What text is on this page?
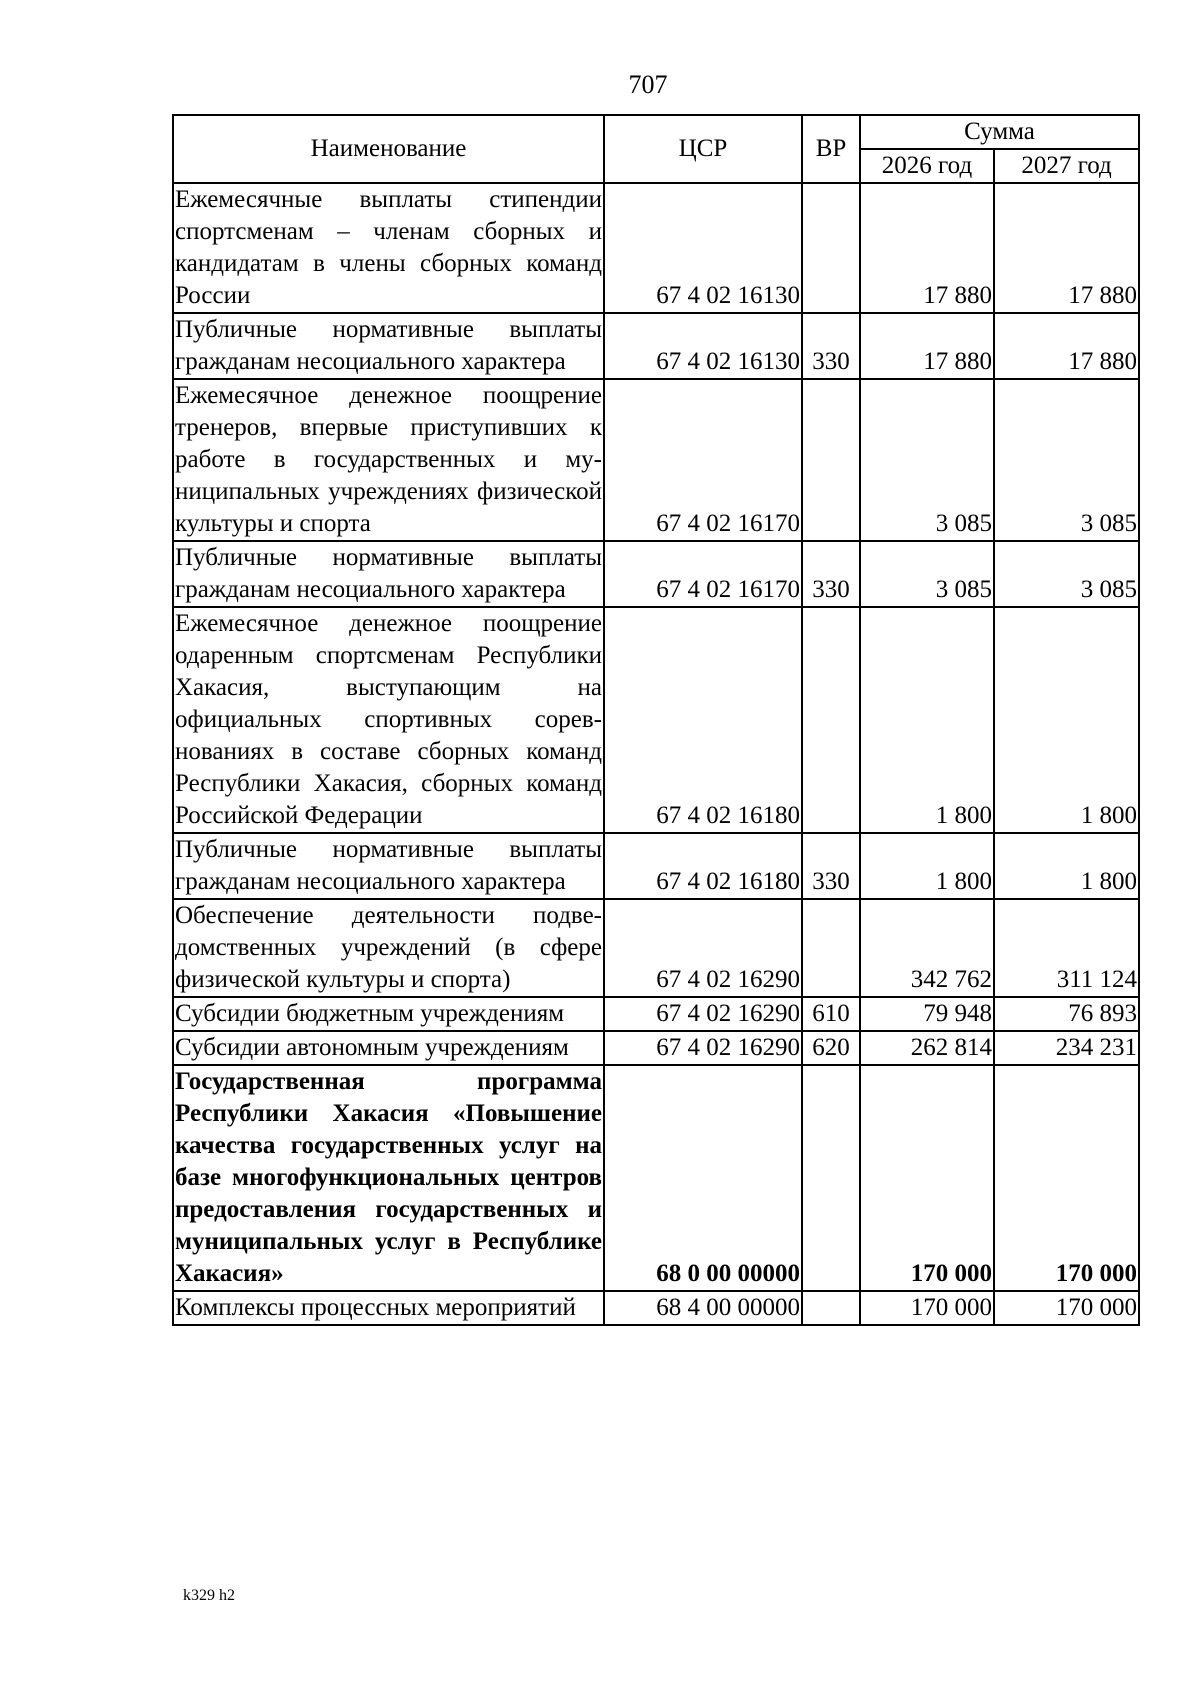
707
Наименование	ЦСР	ВР	Сумма	
			2026 год	2027 год
Ежемесячные выплаты стипендии спортсменам – членам сборных и кандидатам в члены сборных команд России	67 4 02 16130		17 880	17 880
Публичные нормативные выплаты гражданам несоциального характера	67 4 02 16130	330	17 880	17 880
Ежемесячное денежное поощрение тренеров, впервые приступивших к работе в государственных и муниципальных учреждениях физической культуры и спорта	67 4 02 16170		3 085	3 085
Публичные нормативные выплаты гражданам несоциального характера	67 4 02 16170	330	3 085	3 085
Ежемесячное денежное поощрение одаренным спортсменам Республики Хакасия, выступающим на официальных спортивных соревнованиях в составе сборных команд Республики Хакасия, сборных команд Российской Федерации	67 4 02 16180		1 800	1 800
Публичные нормативные выплаты гражданам несоциального характера	67 4 02 16180	330	1 800	1 800
Обеспечение деятельности подведомственных учреждений (в сфере физической культуры и спорта)	67 4 02 16290		342 762	311 124
Субсидии бюджетным учреждениям	67 4 02 16290	610	79 948	76 893
Субсидии автономным учреждениям	67 4 02 16290	620	262 814	234 231
Государственная программа Республики Хакасия «Повышение качества государственных услуг на базе многофункциональных центров предоставления государственных и муниципальных услуг в Республике Хакасия»	68 0 00 00000		170 000	170 000
Комплексы процессных мероприятий	68 4 00 00000		170 000	170 000
k329 h2
